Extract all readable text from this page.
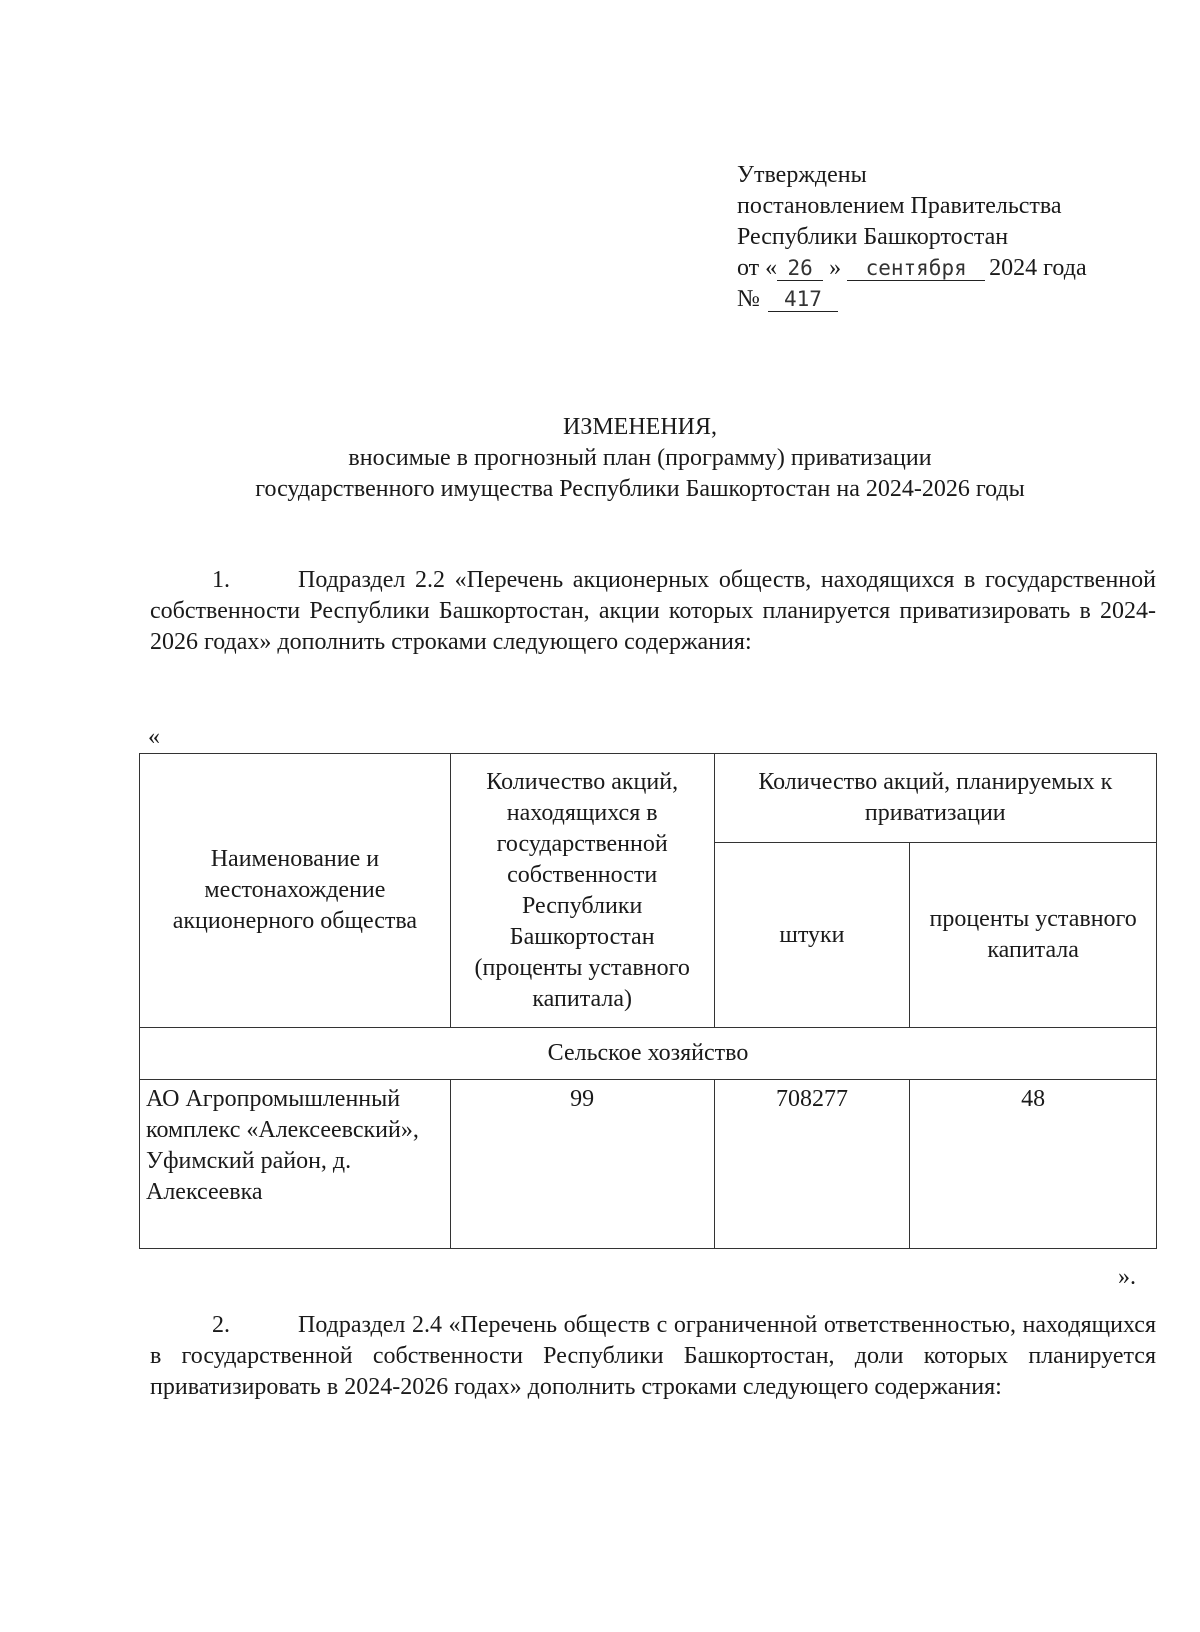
Утверждены
постановлением Правительства
Республики Башкортостан
от « 26 » сентября 2024 года
№ 417
ИЗМЕНЕНИЯ,
вносимые в прогнозный план (программу) приватизации
государственного имущества Республики Башкортостан на 2024-2026 годы
1.	Подраздел 2.2 «Перечень акционерных обществ, находящихся в государственной собственности Республики Башкортостан, акции которых планируется приватизировать в 2024-2026 годах» дополнить строками следующего содержания:
«
Наименование и местонахождение акционерного общества	Количество акций, находящихся в государственной собственности Республики Башкортостан (проценты уставного капитала)	Количество акций, планируемых к приватизации	
		штуки	проценты уставного капитала
Сельское хозяйство			
АО Агропромышленный комплекс «Алексеевский», Уфимский район, д. Алексеевка	99	708277	48
».
2.	Подраздел 2.4 «Перечень обществ с ограниченной ответственностью, находящихся в государственной собственности Республики Башкортостан, доли которых планируется приватизировать в 2024-2026 годах» дополнить строками следующего содержания:
